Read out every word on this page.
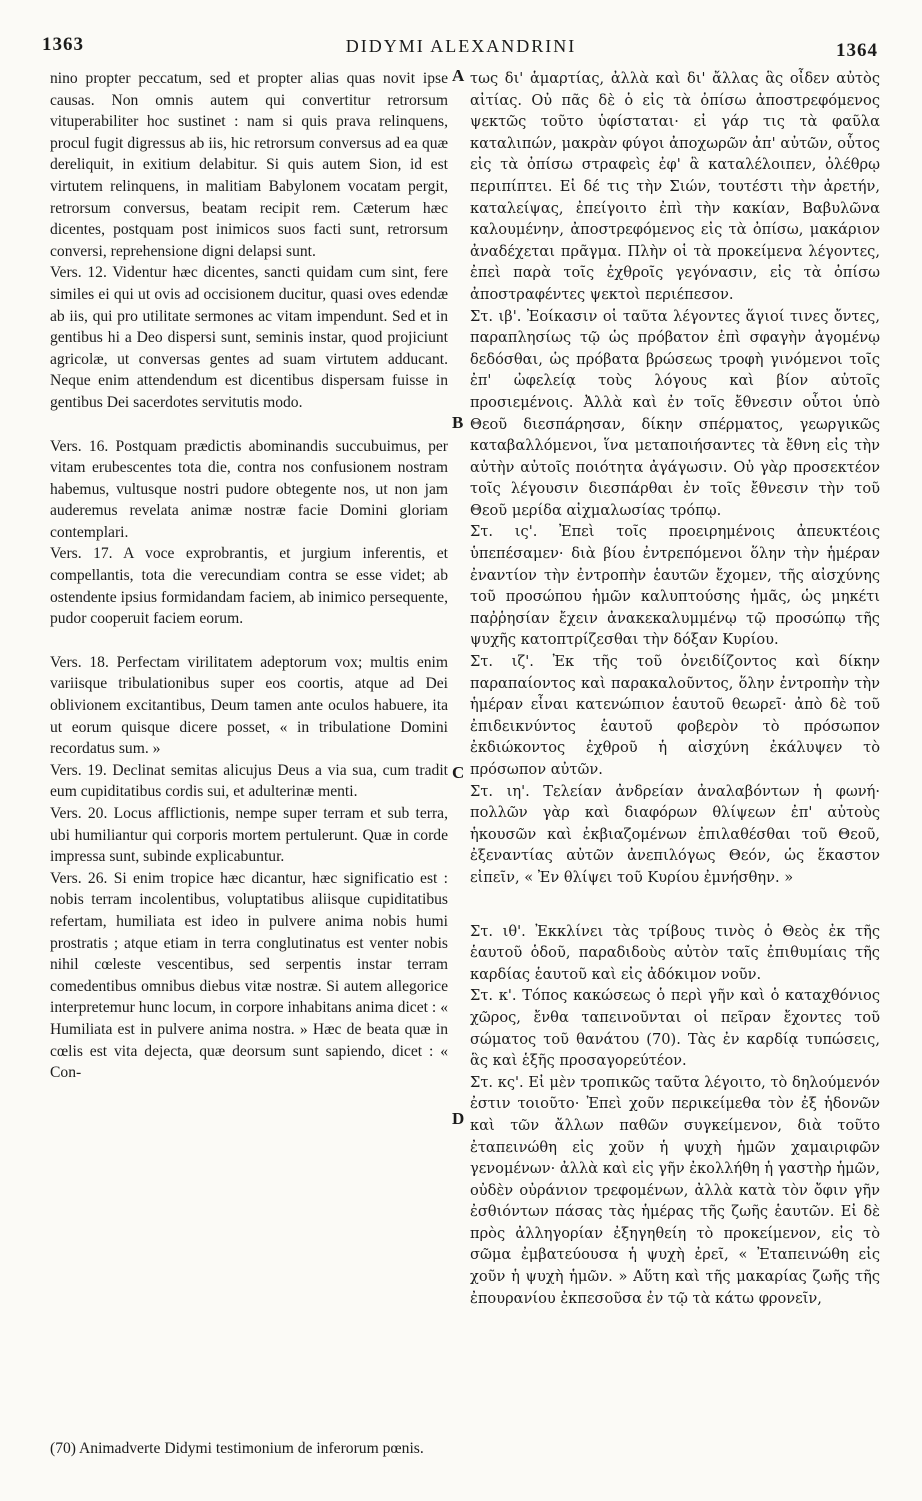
1363	DIDYMI ALEXANDRINI	1364

nino propter peccatum, sed et propter alias quas novit ipse causas. Non omnis autem qui convertitur retrorsum vituperabiliter hoc sustinet : nam si quis prava relinquens, procul fugit digressus ab iis, hic retrorsum conversus ad ea quæ dereliquit, in exitium delabitur. Si quis autem Sion, id est virtutem relinquens, in malitiam Babylonem vocatam pergit, retrorsum conversus, beatam recipit rem. Cæterum hæc dicentes, postquam post inimicos suos facti sunt, retrorsum conversi, reprehensione digni delapsi sunt.

Vers. 12. Videntur hæc dicentes, sancti quidam cum sint, fere similes ei qui ut ovis ad occisionem ducitur, quasi oves edendæ ab iis, qui pro utilitate sermones ac vitam impendunt. Sed et in gentibus hi a Deo dispersi sunt, seminis instar, quod projiciunt agricolæ, ut conversas gentes ad suam virtutem adducant. Neque enim attendendum est dicentibus dispersam fuisse in gentibus Dei sacerdotes servitutis modo.

Vers. 16. Postquam prædictis abominandis succubuimus, per vitam erubescentes tota die, contra nos confusionem nostram habemus, vultusque nostri pudore obtegente nos, ut non jam auderemus revelata animæ nostræ facie Domini gloriam contemplari.

Vers. 17. A voce exprobrantis, et jurgium inferentis, et compellantis, tota die verecundiam contra se esse videt; ab ostendente ipsius formidandam faciem, ab inimico persequente, pudor cooperuit faciem eorum.

Vers. 18. Perfectam virilitatem adeptorum vox; multis enim variisque tribulationibus super eos coortis, atque ad Dei oblivionem excitantibus, Deum tamen ante oculos habuere, ita ut eorum quisque dicere posset, « in tribulatione Domini recordatus sum. »

Vers. 19. Declinat semitas alicujus Deus a via sua, cum tradit eum cupiditatibus cordis sui, et adulterinæ menti.

Vers. 20. Locus afflictionis, nempe super terram et sub terra, ubi humiliantur qui corporis mortem pertulerunt. Quæ in corde impressa sunt, subinde explicabuntur.

Vers. 26. Si enim tropice hæc dicantur, hæc significatio est : nobis terram incolentibus, voluptatibus aliisque cupiditatibus refertam, humiliata est ideo in pulvere anima nobis humi prostratis ; atque etiam in terra conglutinatus est venter nobis nihil cœleste vescentibus, sed serpentis instar terram comedentibus omnibus diebus vitæ nostræ. Si autem allegorice interpretemur hunc locum, in corpore inhabitans anima dicet : « Humiliata est in pulvere anima nostra. » Hæc de beata quæ in cœlis est vita dejecta, quæ deorsum sunt sapiendo, dicet : « Con-

A
B
C
D

τως δι' ἁμαρτίας, ἀλλὰ καὶ δι' ἄλλας ἃς οἶδεν αὐτὸς αἰτίας. Οὐ πᾶς δὲ ὁ εἰς τὰ ὀπίσω ἀποστρεφόμενος ψεκτῶς τοῦτο ὑφίσταται· εἰ γάρ τις τὰ φαῦλα καταλιπών, μακρὰν φύγοι ἀποχωρῶν ἀπ' αὐτῶν, οὗτος εἰς τὰ ὀπίσω στραφεὶς ἐφ' ἃ καταλέλοιπεν, ὀλέθρῳ περιπίπτει. Εἰ δέ τις τὴν Σιών, τουτέστι τὴν ἀρετήν, καταλείψας, ἐπείγοιτο ἐπὶ τὴν κακίαν, Βαβυλῶνα καλουμένην, ἀποστρεφόμενος εἰς τὰ ὀπίσω, μακάριον ἀναδέχεται πρᾶγμα. Πλὴν οἱ τὰ προκείμενα λέγοντες, ἐπεὶ παρὰ τοῖς ἐχθροῖς γεγόνασιν, εἰς τὰ ὀπίσω ἀποστραφέντες ψεκτοὶ περιέπεσον.

Στ. ιβ'. Ἐοίκασιν οἱ ταῦτα λέγοντες ἅγιοί τινες ὄντες, παραπλησίως τῷ ὡς πρόβατον ἐπὶ σφαγὴν ἀγομένῳ δεδόσθαι, ὡς πρόβατα βρώσεως τροφὴ γινόμενοι τοῖς ἐπ' ὠφελείᾳ τοὺς λόγους καὶ βίον αὐτοῖς προσιεμένοις. Ἀλλὰ καὶ ἐν τοῖς ἔθνεσιν οὗτοι ὑπὸ Θεοῦ διεσπάρησαν, δίκην σπέρματος, γεωργικῶς καταβαλλόμενοι, ἵνα μεταποιήσαντες τὰ ἔθνη εἰς τὴν αὐτὴν αὐτοῖς ποιότητα ἀγάγωσιν. Οὐ γὰρ προσεκτέον τοῖς λέγουσιν διεσπάρθαι ἐν τοῖς ἔθνεσιν τὴν τοῦ Θεοῦ μερίδα αἰχμαλωσίας τρόπῳ.

Στ. ις'. Ἐπεὶ τοῖς προειρημένοις ἀπευκτέοις ὑπεπέσαμεν· διὰ βίου ἐντρεπόμενοι ὅλην τὴν ἡμέραν ἐναντίον τὴν ἐντροπὴν ἑαυτῶν ἔχομεν, τῆς αἰσχύνης τοῦ προσώπου ἡμῶν καλυπτούσης ἡμᾶς, ὡς μηκέτι παῤῥησίαν ἔχειν ἀνακεκαλυμμένῳ τῷ προσώπῳ τῆς ψυχῆς κατοπτρίζεσθαι τὴν δόξαν Κυρίου.

Στ. ιζ'. Ἐκ τῆς τοῦ ὀνειδίζοντος καὶ δίκην παραπαίοντος καὶ παρακαλοῦντος, ὅλην ἐντροπὴν τὴν ἡμέραν εἶναι κατενώπιον ἑαυτοῦ θεωρεῖ· ἀπὸ δὲ τοῦ ἐπιδεικνύντος ἑαυτοῦ φοβερὸν τὸ πρόσωπον ἐκδιώκοντος ἐχθροῦ ἡ αἰσχύνη ἐκάλυψεν τὸ πρόσωπον αὐτῶν.

Στ. ιη'. Τελείαν ἀνδρείαν ἀναλαβόντων ἡ φωνή· πολλῶν γὰρ καὶ διαφόρων θλίψεων ἐπ' αὐτοὺς ἡκουσῶν καὶ ἐκβιαζομένων ἐπιλαθέσθαι τοῦ Θεοῦ, ἐξεναντίας αὐτῶν ἀνεπιλόγως Θεόν, ὡς ἕκαστον εἰπεῖν, « Ἐν θλίψει τοῦ Κυρίου ἐμνήσθην. »

Στ. ιθ'. Ἐκκλίνει τὰς τρίβους τινὸς ὁ Θεὸς ἐκ τῆς ἑαυτοῦ ὁδοῦ, παραδιδοὺς αὐτὸν ταῖς ἐπιθυμίαις τῆς καρδίας ἑαυτοῦ καὶ εἰς ἀδόκιμον νοῦν.

Στ. κ'. Τόπος κακώσεως ὁ περὶ γῆν καὶ ὁ καταχθόνιος χῶρος, ἔνθα ταπεινοῦνται οἱ πεῖραν ἔχοντες τοῦ σώματος τοῦ θανάτου (70). Τὰς ἐν καρδίᾳ τυπώσεις, ἃς καὶ ἑξῆς προσαγορεύτέον.

Στ. κς'. Εἰ μὲν τροπικῶς ταῦτα λέγοιτο, τὸ δηλούμενόν ἐστιν τοιοῦτο· Ἐπεὶ χοῦν περικείμεθα τὸν ἐξ ἡδονῶν καὶ τῶν ἄλλων παθῶν συγκείμενον, διὰ τοῦτο ἐταπεινώθη εἰς χοῦν ἡ ψυχὴ ἡμῶν χαμαιριφῶν γενομένων· ἀλλὰ καὶ εἰς γῆν ἐκολλήθη ἡ γαστὴρ ἡμῶν, οὐδὲν οὐράνιον τρεφομένων, ἀλλὰ κατὰ τὸν ὄφιν γῆν ἐσθιόντων πάσας τὰς ἡμέρας τῆς ζωῆς ἑαυτῶν. Εἰ δὲ πρὸς ἀλληγορίαν ἐξηγηθείη τὸ προκείμενον, εἰς τὸ σῶμα ἐμβατεύουσα ἡ ψυχὴ ἐρεῖ, « Ἐταπεινώθη εἰς χοῦν ἡ ψυχὴ ἡμῶν. » Αὕτη καὶ τῆς μακαρίας ζωῆς τῆς ἐπουρανίου ἐκπεσοῦσα ἐν τῷ τὰ κάτω φρονεῖν,

(70) Animadverte Didymi testimonium de inferorum pœnis.
